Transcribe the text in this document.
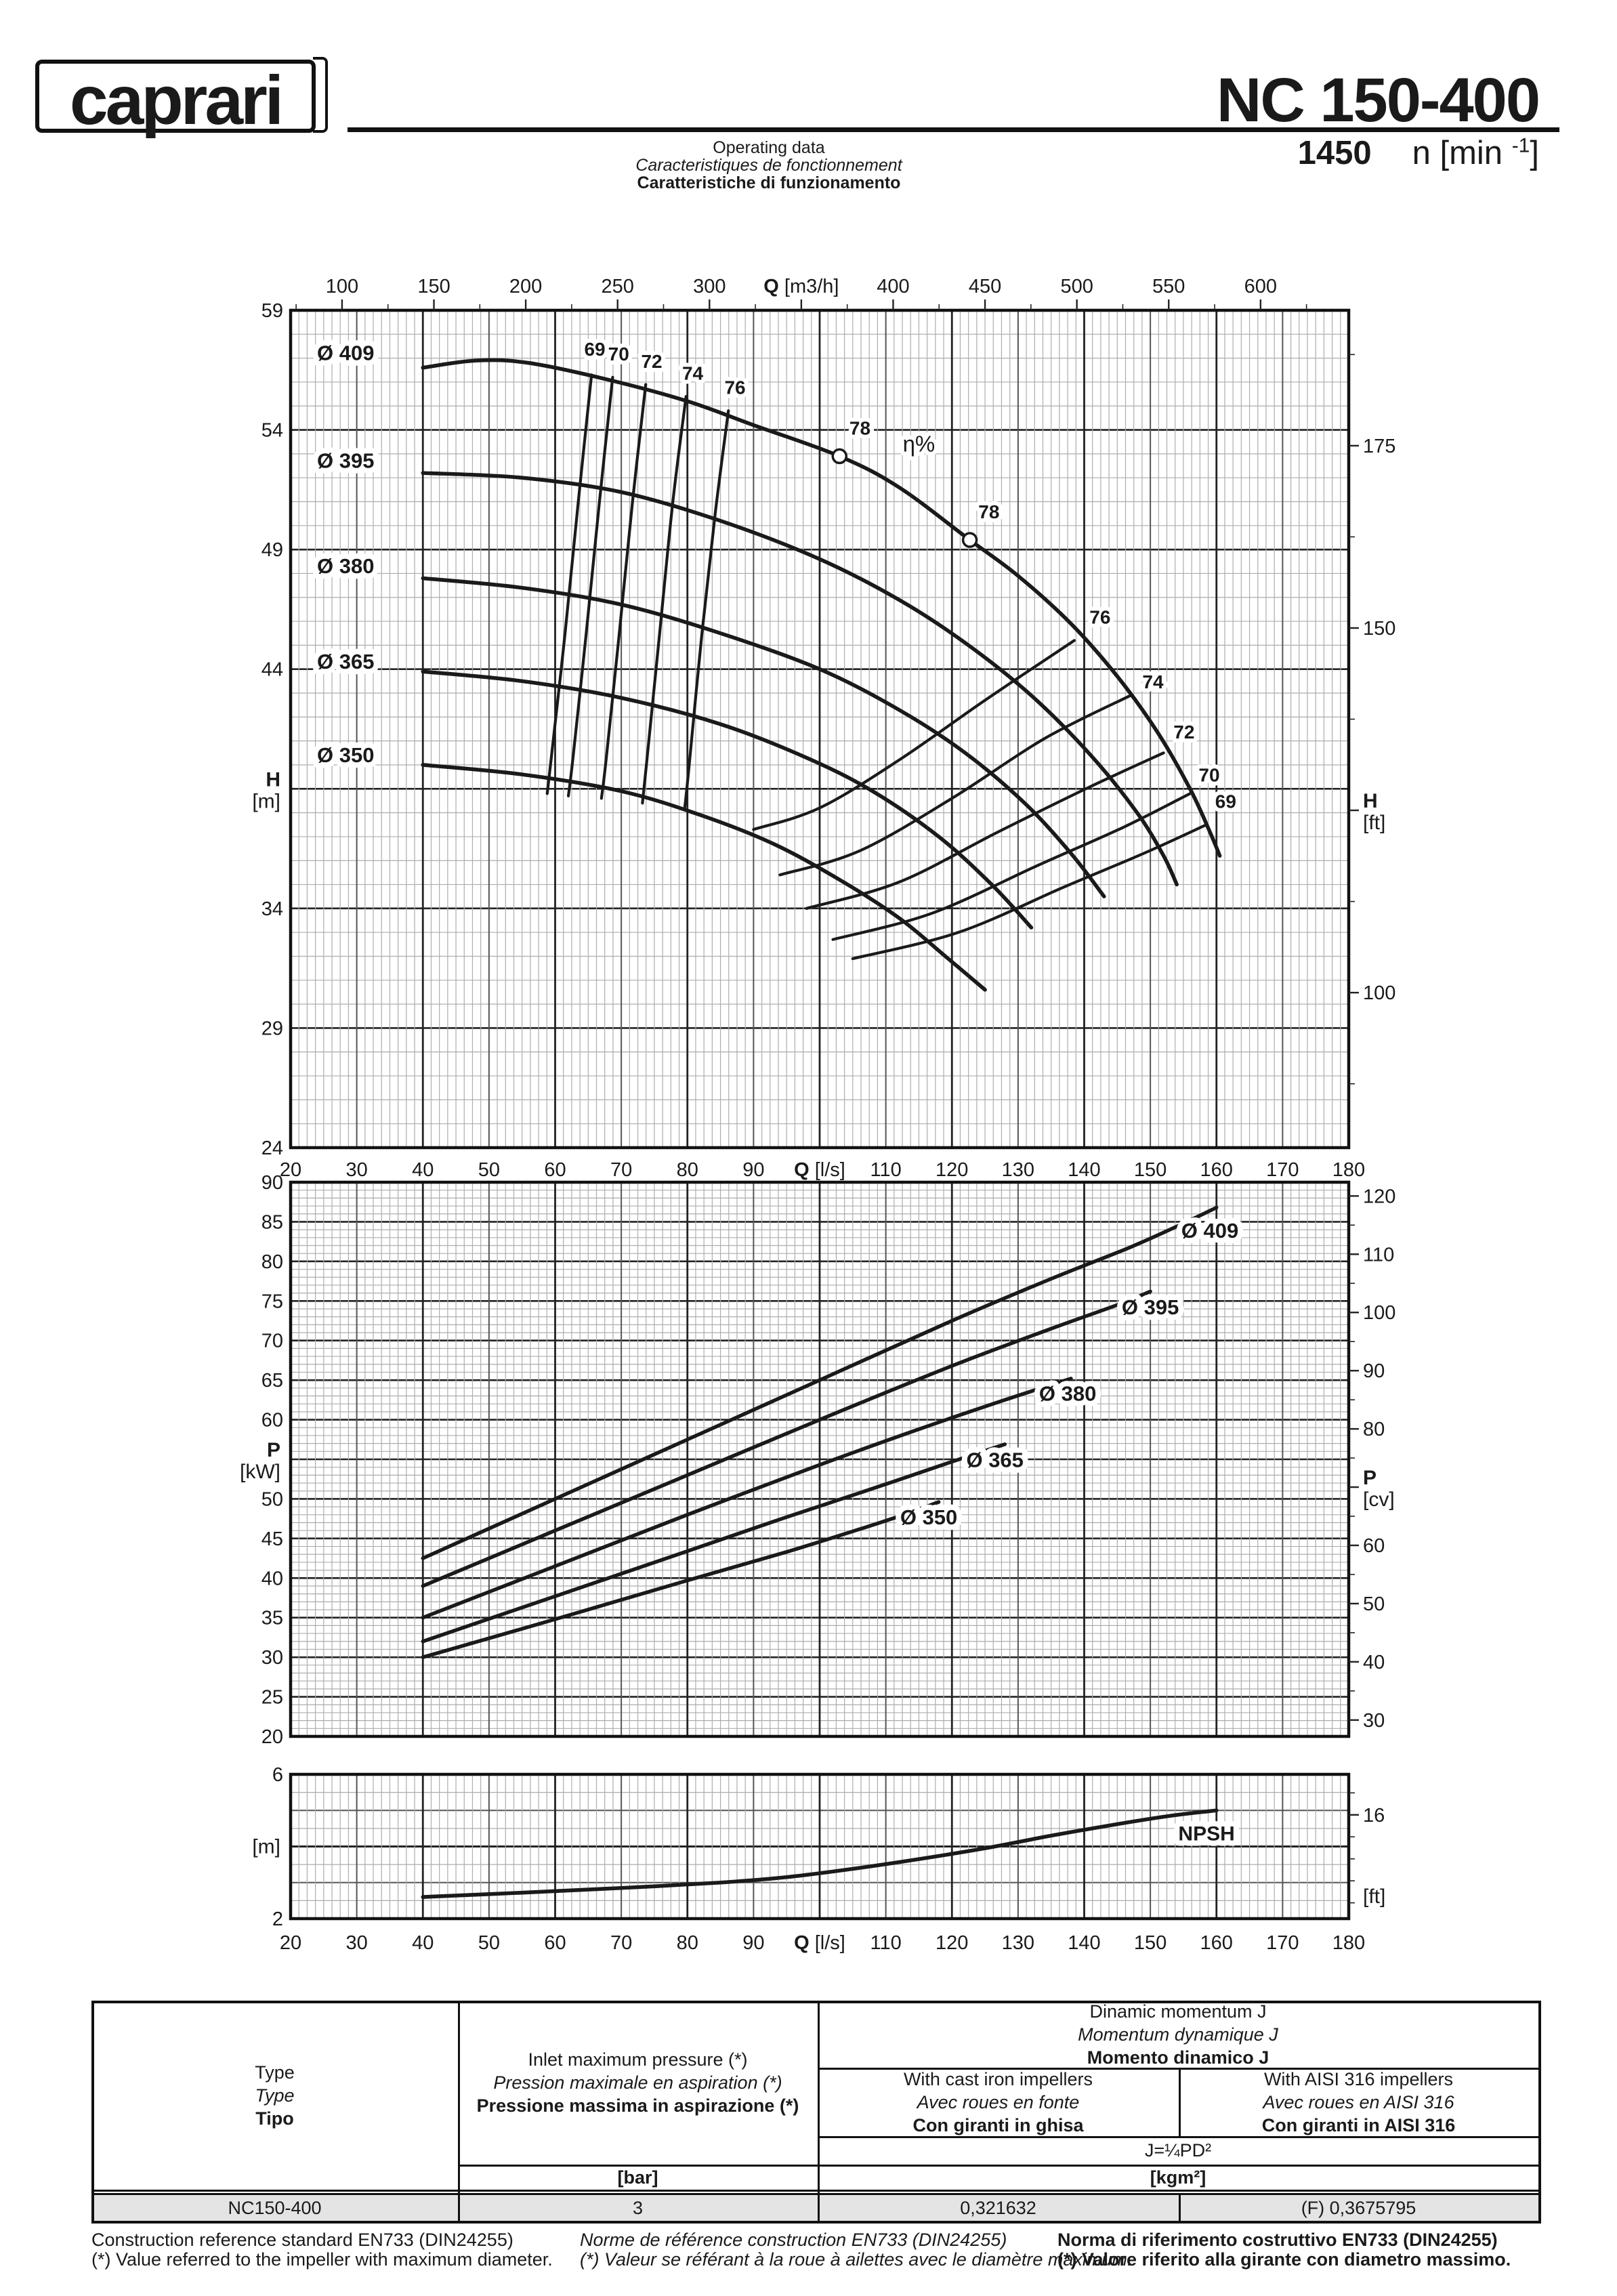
caprari
Operating data
Caracteristiques de fonctionnement
Caratteristiche di funzionamento
NC 150-400
1450 n [min $^{-1}$]
100	150	200	250	300	400	450	500	550	600
Q [m3/h]
20 30 40 50 60 70 80 90	110 120 130 140 150 160 170 180
Q [l/s]
59
54
49
44
34
29
24
H
[m]
175
150
100
H
[ft]
Ø 409
Ø 395
Ø 380
Ø 365
Ø 350
69 70 72
74
76
76
74
72
70
69
η%
78
78
90
85
80
75
70
65
60
50
45
40
35
30
25
20
P
[kW]
120
110
100
90
80
60
50
40
30
P
[cv]
Ø 409
Ø 395
Ø 380
Ø 365
Ø 350
6
2
[m]
16
[ft]
20 30 40 50 60 70 80 90	110 120 130 140 150 160 170 180
Q [l/s]
NPSH
Type
Type
Tipo
Inlet maximum pressure (*)
Pression maximale en aspiration (*)
Pressione massima in aspirazione (*)
Dinamic momentum J
Momentum dynamique J
Momento dinamico J
With cast iron impellers
Avec roues en fonte
Con giranti in ghisa
With AISI 316 impellers
Avec roues en AISI 316
Con giranti in AISI 316
J=¼PD²
[bar]	[kgm²]
NC150-400	3	0,321632	(F) 0,3675795
Construction reference standard EN733 (DIN24255)
(*) Value referred to the impeller with maximum diameter.
Norme de référence construction EN733 (DIN24255)
(*) Valeur se référant à la roue à ailettes avec le diamètre maximum.
Norma di riferimento costruttivo EN733 (DIN24255)
(*) Valore riferito alla girante con diametro massimo.
